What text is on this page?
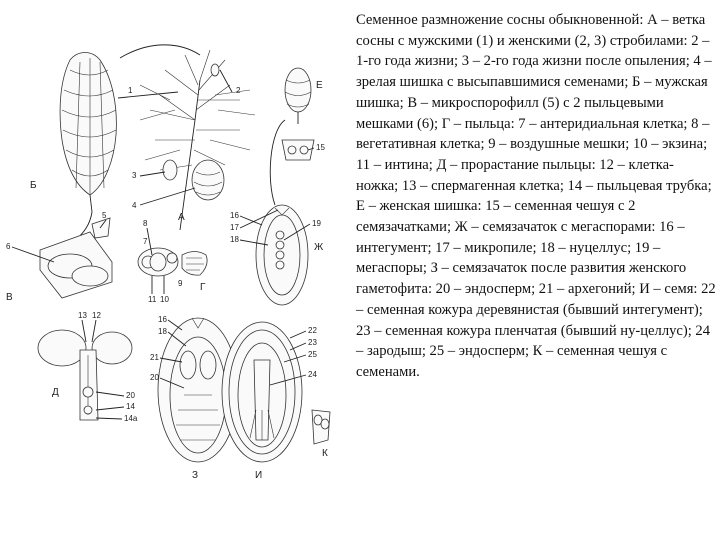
Б
1	2
3
4
А
Е
15
5
6
В
8
7
11 10
9 Г
16
17
18
19
Ж
13 12
20
14
14а
Д
16
18
21
20
З
22
23
25
24
И
К

Семенное размножение сосны обыкновенной: А – ветка сосны с мужскими (1) и женскими (2, 3) стробилами: 2 – 1-го года жизни; 3 – 2-го года жизни после опыления; 4 – зрелая шишка с высыпавшимися семенами; Б – мужская шишка; В – микроспорофилл (5) с 2 пыльцевыми мешками (6); Г – пыльца: 7 – антеридиальная клетка; 8 – вегетативная клетка; 9 – воздушные мешки; 10 – экзина; 11 – интина; Д – прорастание пыльцы: 12 – клетка-ножка; 13 – спермагенная клетка; 14 – пыльцевая трубка; Е – женская шишка: 15 – семенная чешуя с 2 семязачатками; Ж – семязачаток с мегаспорами: 16 – интегумент; 17 – микропиле; 18 – нуцеллус; 19 – мегаспоры; З – семязачаток после развития женского гаметофита: 20 – эндосперм; 21 – архегоний; И – семя: 22 – семенная кожура деревянистая (бывший интегумент); 23 – семенная кожура пленчатая (бывший ну-целлус); 24 – зародыш; 25 – эндосперм; К – семенная чешуя с семенами.
